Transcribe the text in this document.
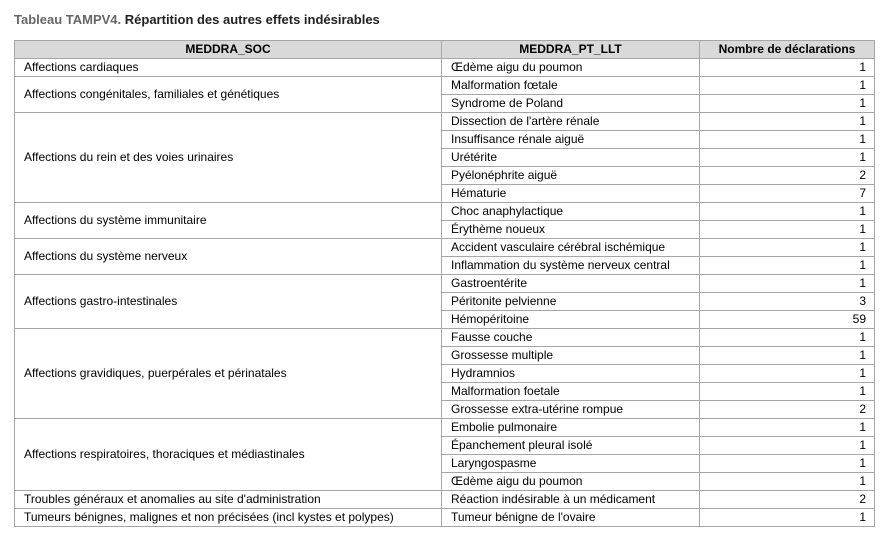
Tableau TAMPV4. Répartition des autres effets indésirables
MEDDRA_SOC	MEDDRA_PT_LLT	Nombre de déclarations
Affections cardiaques	Œdème aigu du poumon	1
Affections congénitales, familiales et génétiques	Malformation fœtale	1
	Syndrome de Poland	1
Affections du rein et des voies urinaires	Dissection de l'artère rénale	1
	Insuffisance rénale aiguë	1
	Urétérite	1
	Pyélonéphrite aiguë	2
	Hématurie	7
Affections du système immunitaire	Choc anaphylactique	1
	Érythème noueux	1
Affections du système nerveux	Accident vasculaire cérébral ischémique	1
	Inflammation du système nerveux central	1
Affections gastro-intestinales	Gastroentérite	1
	Péritonite pelvienne	3
	Hémopéritoine	59
Affections gravidiques, puerpérales et périnatales	Fausse couche	1
	Grossesse multiple	1
	Hydramnios	1
	Malformation foetale	1
	Grossesse extra-utérine rompue	2
Affections respiratoires, thoraciques et médiastinales	Embolie pulmonaire	1
	Épanchement pleural isolé	1
	Laryngospasme	1
	Œdème aigu du poumon	1
Troubles généraux et anomalies au site d'administration	Réaction indésirable à un médicament	2
Tumeurs bénignes, malignes et non précisées (incl kystes et polypes)	Tumeur bénigne de l'ovaire	1
